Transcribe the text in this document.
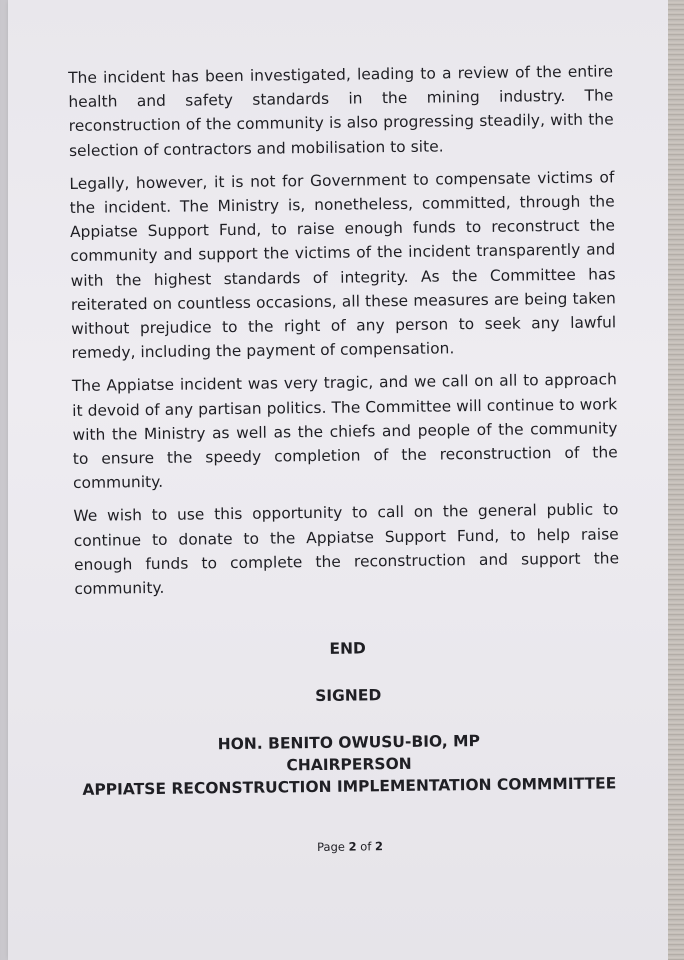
The incident has been investigated, leading to a review of the entire health and safety standards in the mining industry. The reconstruction of the community is also progressing steadily, with the selection of contractors and mobilisation to site.

Legally, however, it is not for Government to compensate victims of the incident. The Ministry is, nonetheless, committed, through the Appiatse Support Fund, to raise enough funds to reconstruct the community and support the victims of the incident transparently and with the highest standards of integrity. As the Committee has reiterated on countless occasions, all these measures are being taken without prejudice to the right of any person to seek any lawful remedy, including the payment of compensation.

The Appiatse incident was very tragic, and we call on all to approach it devoid of any partisan politics. The Committee will continue to work with the Ministry as well as the chiefs and people of the community to ensure the speedy completion of the reconstruction of the community.

We wish to use this opportunity to call on the general public to continue to donate to the Appiatse Support Fund, to help raise enough funds to complete the reconstruction and support the community.

END
SIGNED
HON. BENITO OWUSU-BIO, MP
CHAIRPERSON
APPIATSE RECONSTRUCTION IMPLEMENTATION COMMMITTEE
Page 2 of 2
